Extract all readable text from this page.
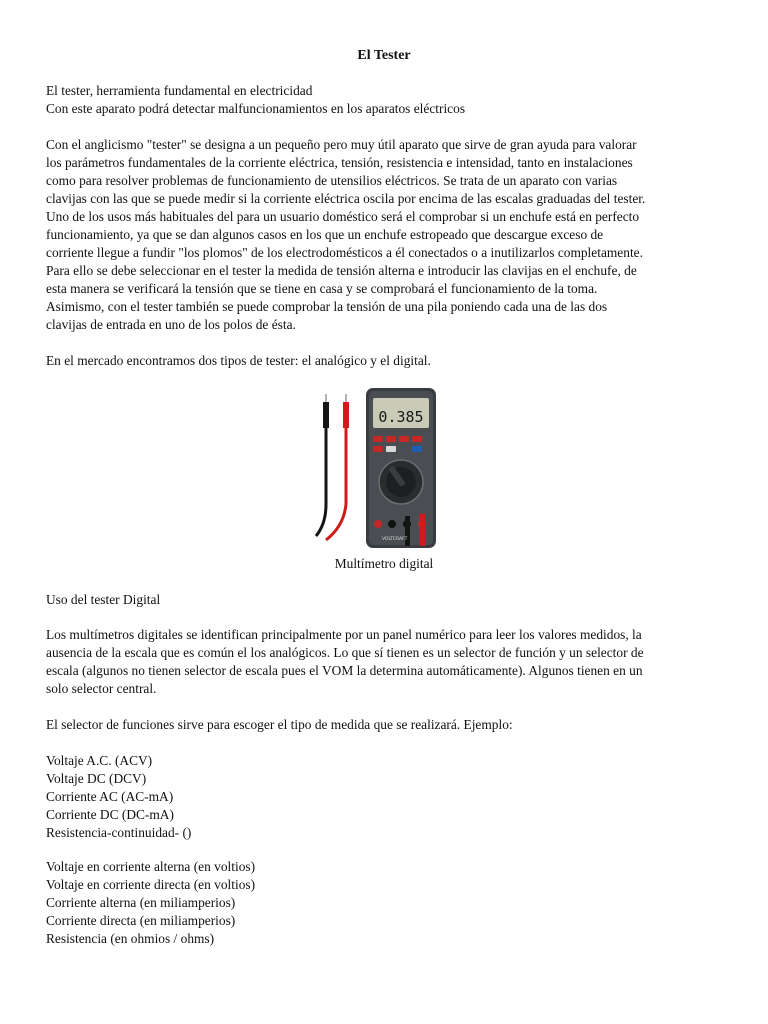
El Tester
El tester, herramienta fundamental en electricidad
Con este aparato podrá detectar malfuncionamientos en los aparatos eléctricos
Con el anglicismo "tester" se designa a un pequeño pero muy útil aparato que sirve de gran ayuda para valorar
los parámetros fundamentales de la corriente eléctrica, tensión, resistencia e intensidad, tanto en instalaciones
como para resolver problemas de funcionamiento de utensilios eléctricos. Se trata de un aparato con varias
clavijas con las que se puede medir si la corriente eléctrica oscila por encima de las escalas graduadas del tester.
Uno de los usos más habituales del para un usuario doméstico será el comprobar si un enchufe está en perfecto
funcionamiento, ya que se dan algunos casos en los que un enchufe estropeado que descargue exceso de
corriente llegue a fundir "los plomos" de los electrodomésticos a él conectados o a inutilizarlos completamente.
Para ello se debe seleccionar en el tester la medida de tensión alterna e introducir las clavijas en el enchufe, de
esta manera se verificará la tensión que se tiene en casa y se comprobará el funcionamiento de la toma.
Asimismo, con el tester también se puede comprobar la tensión de una pila poniendo cada una de las dos
clavijas de entrada en uno de los polos de ésta.
En el mercado encontramos dos tipos de tester: el analógico y el digital.
0.385
VOLTCRAFT
Multímetro digital
Uso del tester Digital
Los multímetros digitales se identifican principalmente por un panel numérico para leer los valores medidos, la
ausencia de la escala que es común el los analógicos. Lo que sí tienen es un selector de función y un selector de
escala (algunos no tienen selector de escala pues el VOM la determina automáticamente). Algunos tienen en un
solo selector central.
El selector de funciones sirve para escoger el tipo de medida que se realizará. Ejemplo:
Voltaje A.C. (ACV)
Voltaje DC (DCV)
Corriente AC (AC-mA)
Corriente DC (DC-mA)
Resistencia-continuidad- ()
Voltaje en corriente alterna (en voltios)
Voltaje en corriente directa (en voltios)
Corriente alterna (en miliamperios)
Corriente directa (en miliamperios)
Resistencia (en ohmios / ohms)
